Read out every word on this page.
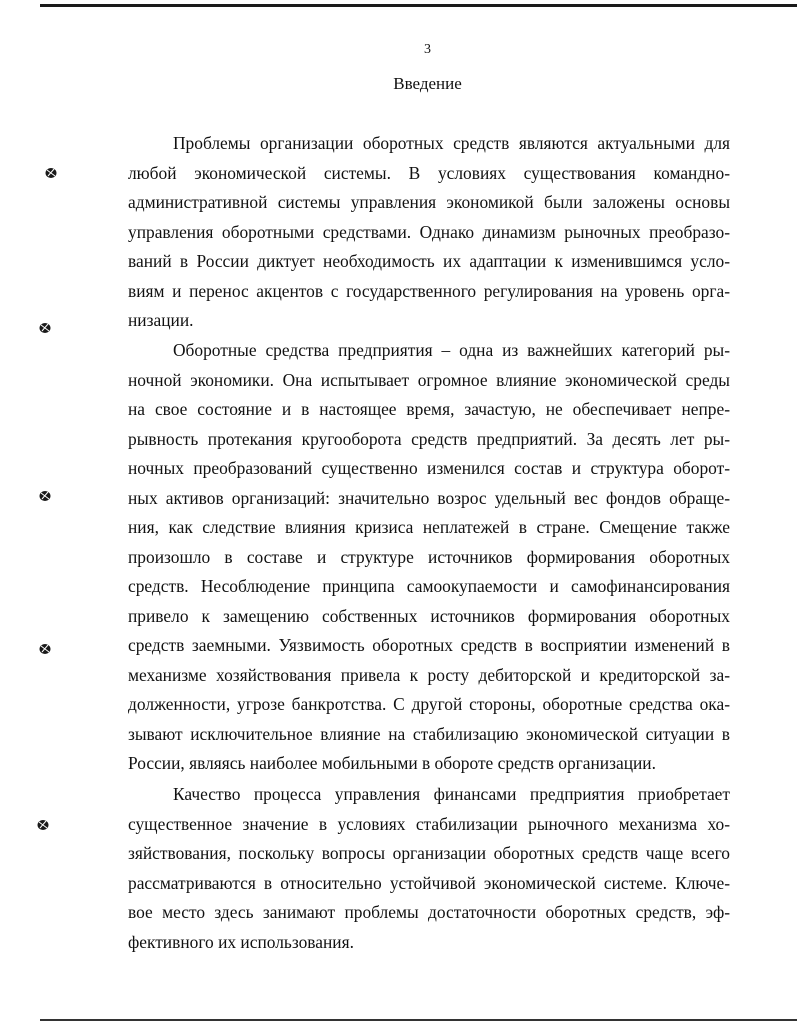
3
Введение
Проблемы организации оборотных средств являются актуальными для
любой экономической системы. В условиях существования командно-
административной системы управления экономикой были заложены основы
управления оборотными средствами. Однако динамизм рыночных преобразо-
ваний в России диктует необходимость их адаптации к изменившимся усло-
виям и перенос акцентов с государственного регулирования на уровень орга-
низации.
Оборотные средства предприятия – одна из важнейших категорий ры-
ночной экономики. Она испытывает огромное влияние экономической среды
на свое состояние и в настоящее время, зачастую, не обеспечивает непре-
рывность протекания кругооборота средств предприятий. За десять лет ры-
ночных преобразований существенно изменился состав и структура оборот-
ных активов организаций: значительно возрос удельный вес фондов обраще-
ния, как следствие влияния кризиса неплатежей в стране. Смещение также
произошло в составе и структуре источников формирования оборотных
средств. Несоблюдение принципа самоокупаемости и самофинансирования
привело к замещению собственных источников формирования оборотных
средств заемными. Уязвимость оборотных средств в восприятии изменений в
механизме хозяйствования привела к росту дебиторской и кредиторской за-
долженности, угрозе банкротства. С другой стороны, оборотные средства ока-
зывают исключительное влияние на стабилизацию экономической ситуации в
России, являясь наиболее мобильными в обороте средств организации.
Качество процесса управления финансами предприятия приобретает
существенное значение в условиях стабилизации рыночного механизма хо-
зяйствования, поскольку вопросы организации оборотных средств чаще всего
рассматриваются в относительно устойчивой экономической системе. Ключе-
вое место здесь занимают проблемы достаточности оборотных средств, эф-
фективного их использования.
